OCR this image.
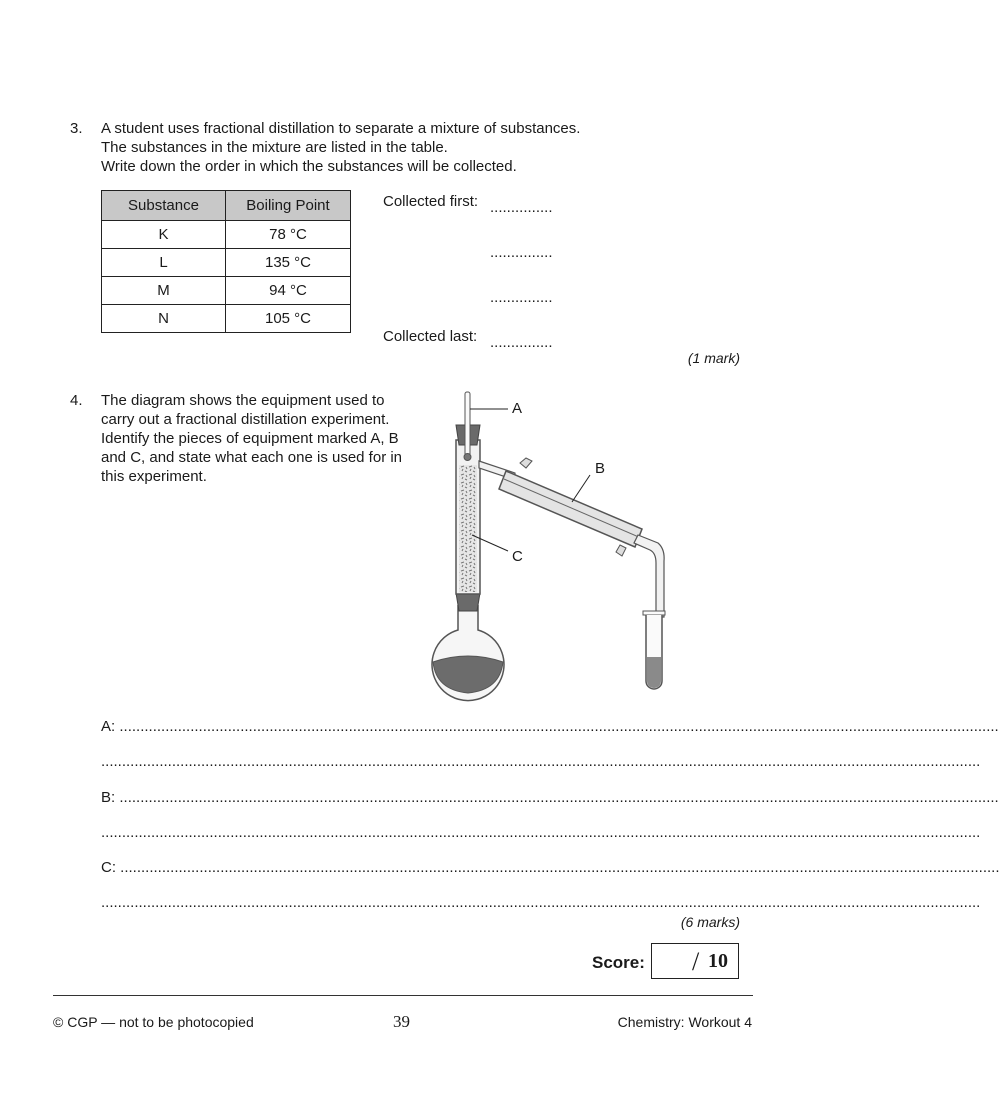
3. A student uses fractional distillation to separate a mixture of substances.
The substances in the mixture are listed in the table.
Write down the order in which the substances will be collected.
Substance	Boiling Point
K	78 °C
L	135 °C
M	94 °C
N	105 °C
Collected first: ...............
...............
...............
Collected last: ...............
(1 mark)
4. The diagram shows the equipment used to
carry out a fractional distillation experiment.
Identify the pieces of equipment marked A, B
and C, and state what each one is used for in
this experiment.
A
B
C
A: ...................................................................................................................................................................................................................
...................................................................................................................................................................................................................
B: ...................................................................................................................................................................................................................
...................................................................................................................................................................................................................
C: ...................................................................................................................................................................................................................
...................................................................................................................................................................................................................
(6 marks)
Score: / 10
© CGP — not to be photocopied	39	Chemistry: Workout 4
